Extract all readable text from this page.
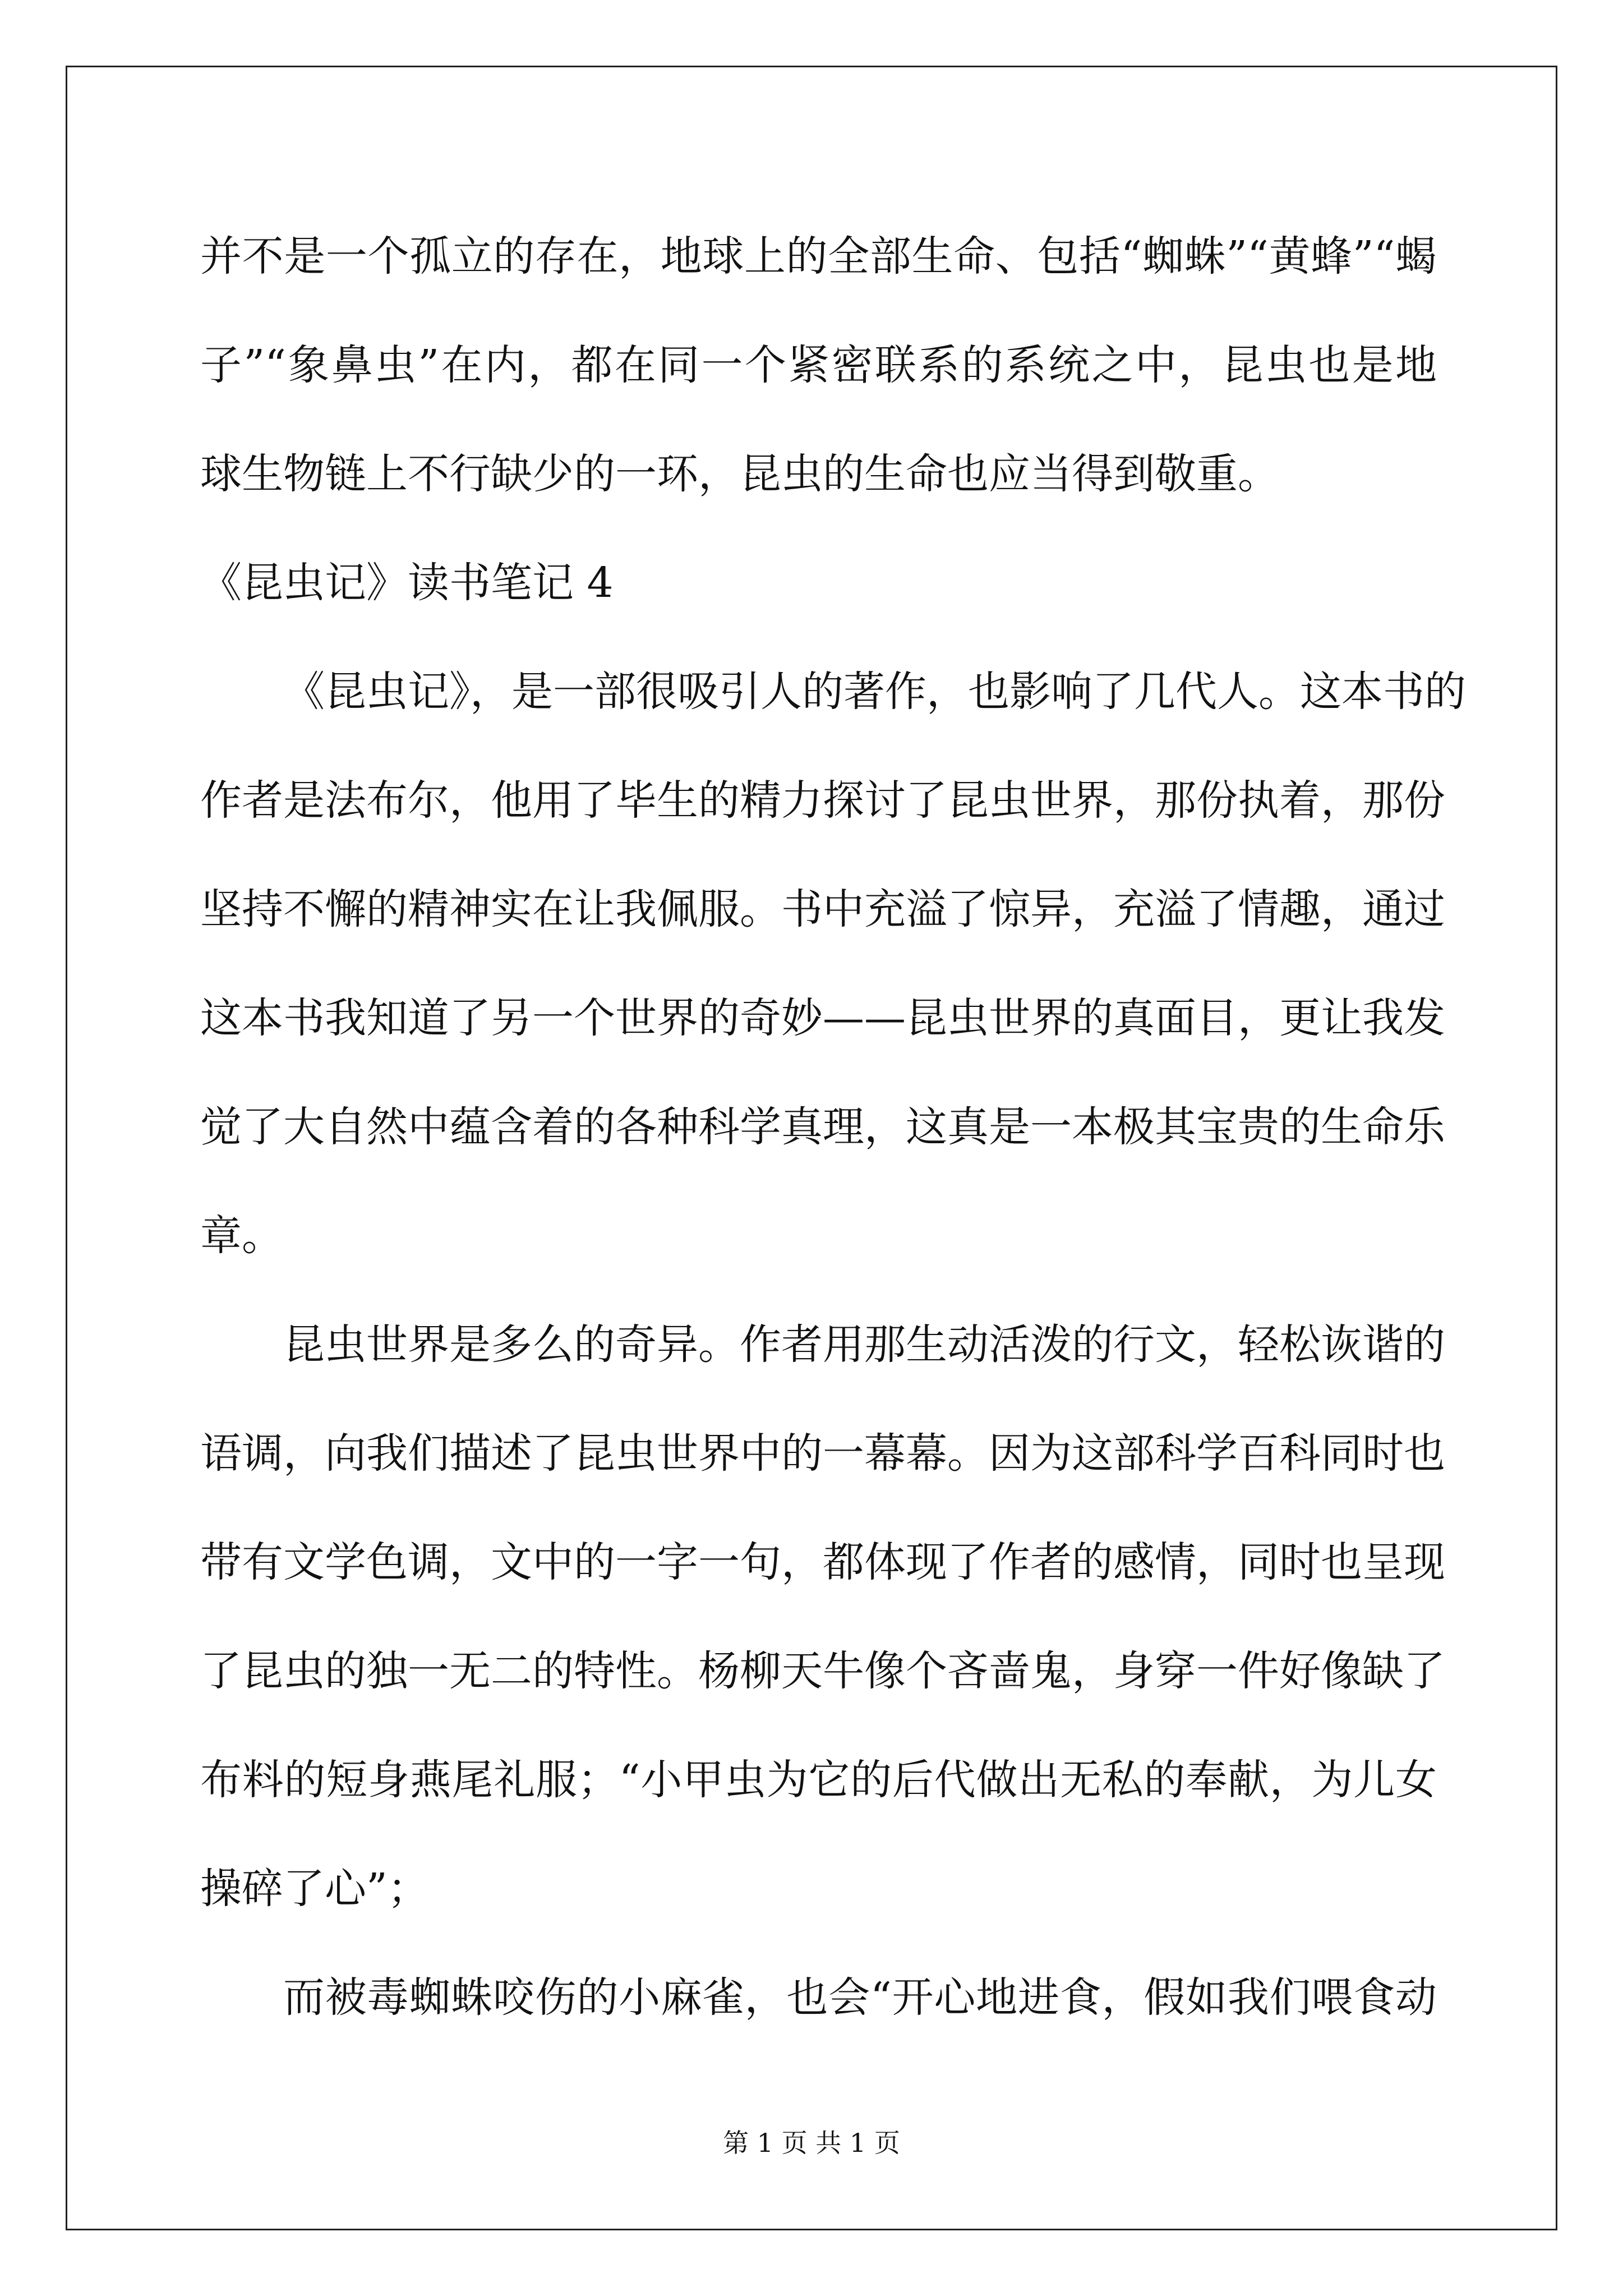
并不是一个孤立的存在，地球上的全部生命、包括“蜘蛛”“黄蜂”“蝎
子”“象鼻虫”在内，都在同一个紧密联系的系统之中，昆虫也是地
球生物链上不行缺少的一环，昆虫的生命也应当得到敬重。
《昆虫记》读书笔记 4
《昆虫记》，是一部很吸引人的著作，也影响了几代人。这本书的
作者是法布尔，他用了毕生的精力探讨了昆虫世界，那份执着，那份
坚持不懈的精神实在让我佩服。书中充溢了惊异，充溢了情趣，通过
这本书我知道了另一个世界的奇妙——昆虫世界的真面目，更让我发
觉了大自然中蕴含着的各种科学真理，这真是一本极其宝贵的生命乐
章。
昆虫世界是多么的奇异。作者用那生动活泼的行文，轻松诙谐的
语调，向我们描述了昆虫世界中的一幕幕。因为这部科学百科同时也
带有文学色调，文中的一字一句，都体现了作者的感情，同时也呈现
了昆虫的独一无二的特性。杨柳天牛像个吝啬鬼，身穿一件好像缺了
布料的短身燕尾礼服；“小甲虫为它的后代做出无私的奉献，为儿女
操碎了心”；
而被毒蜘蛛咬伤的小麻雀，也会“开心地进食，假如我们喂食动
第 1 页 共 1 页
